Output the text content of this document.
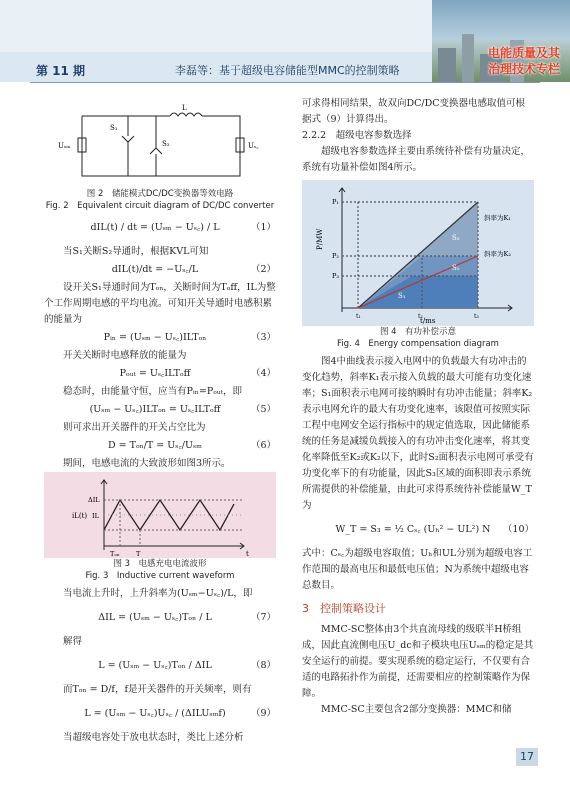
第 11 期	李磊等：基于超级电容储能型MMC的控制策略
电能质量及其
治理技术专栏
Uₛₘ	Uₛ꜀
L
S₁
S₂

图 2　储能模式DC/DC变换器等效电路

Fig. 2　Equivalent circuit diagram of DC/DC converter

dIL(t) / dt = (Uₛₘ − Uₛ꜀) / L	（1）

当S₁关断S₂导通时，根据KVL可知

dIL(t)/dt = −Uₛ꜀/L	（2）

设开关S₁导通时间为Tₒₙ，关断时间为Tₒff，IL为整个工作周期电感的平均电流。可知开关导通时电感积累的能量为

Pᵢₙ = (Uₛₘ − Uₛ꜀)ILTₒₙ	（3）

开关关断时电感释放的能量为

Pₒᵤₜ = Uₛ꜀ILTₒff	（4）

稳态时，由能量守恒，应当有Pᵢₙ=Pₒᵤₜ，即

(Uₛₘ − Uₛ꜀)ILTₒₙ = Uₛ꜀ILTₒff	（5）

则可求出开关器件的开关占空比为

D = Tₒₙ/T = Uₛ꜀/Uₛₘ	（6）

期间，电感电流的大致波形如图3所示。

iL(t)
t
ΔIL
IL
Tₒₙ	T

图 3　电感充电电流波形

Fig. 3　Inductive current waveform

当电流上升时，上升斜率为(Uₛₘ−Uₛ꜀)/L，即

ΔIL = (Uₛₘ − Uₛ꜀)Tₒₙ / L	（7）

解得

L = (Uₛₘ − Uₛ꜀)Tₒₙ / ΔIL	（8）

而Tₒₙ = D/f，f是开关器件的开关频率，则有

L = (Uₛₘ − Uₛ꜀)Uₛ꜀ / (ΔILUₛₘf)	（9）

当超级电容处于放电状态时，类比上述分析

可求得相同结果，故双向DC/DC变换器电感取值可根据式（9）计算得出。

2.2.2　超级电容参数选择

超级电容参数选择主要由系统待补偿有功量决定，系统有功量补偿如图4所示。

P/MW
t/ms
P₁
P₂
P₃
S₁
S₂
S₃
斜率为K₁
斜率为K₂
t₁	t₂	t₃

图 4　有功补偿示意

Fig. 4　Energy compensation diagram

图4中曲线表示接入电网中的负载最大有功冲击的变化趋势，斜率K₁表示接入负载的最大可能有功变化速率；S₁面积表示电网可接纳瞬时有功冲击能量；斜率K₂表示电网允许的最大有功变化速率，该限值可按照实际工程中电网安全运行指标中的规定值选取，因此储能系统的任务是减缓负载接入的有功冲击变化速率，将其变化率降低至K₂或K₂以下，此时S₂面积表示电网可承受有功变化率下的有功能量，因此S₃区域的面积即表示系统所需提供的补偿能量，由此可求得系统待补偿能量W_T为

W_T = S₃ = ½ Cₛ꜀ (Uₕ² − UL²) N	（10）

式中：Cₛ꜀为超级电容取值；Uₕ和UL分别为超级电容工作范围的最高电压和最低电压值；N为系统中超级电容总数目。

3　控制策略设计

MMC-SC整体由3个共直流母线的级联半H桥组成，因此直流侧电压U_dc和子模块电压Uₛₘ的稳定是其安全运行的前提。要实现系统的稳定运行，不仅要有合适的电路拓扑作为前提，还需要相应的控制策略作为保障。

MMC-SC主要包含2部分变换器：MMC和储

17
